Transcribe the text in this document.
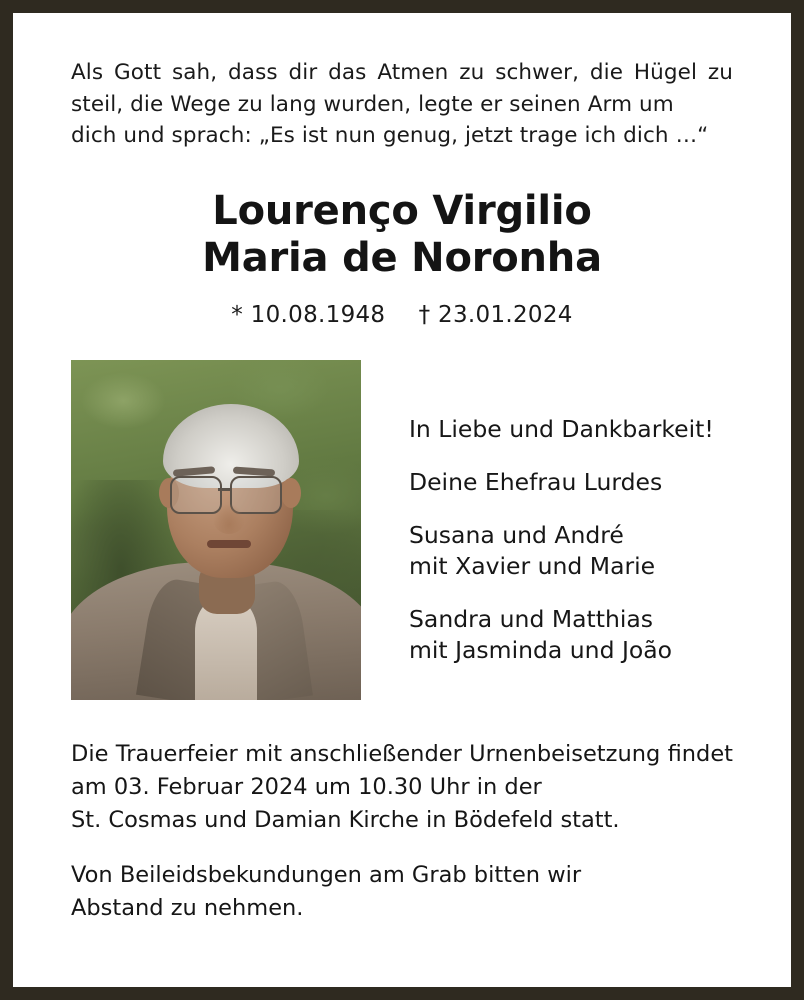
Als Gott sah, dass dir das Atmen zu schwer, die Hügel zu steil, die Wege zu lang wurden, legte er seinen Arm um
dich und sprach: „Es ist nun genug, jetzt trage ich dich …“
Lourenço Virgilio
Maria de Noronha
* 10.08.1948 † 23.01.2024

In Liebe und Dankbarkeit!

Deine Ehefrau Lurdes

Susana und André

mit Xavier und Marie

Sandra und Matthias

mit Jasminda und João

Die Trauerfeier mit anschließender Urnenbeisetzung findet am 03. Februar 2024 um 10.30 Uhr in der
St. Cosmas und Damian Kirche in Bödefeld statt.

Von Beileidsbekundungen am Grab bitten wir
Abstand zu nehmen.
